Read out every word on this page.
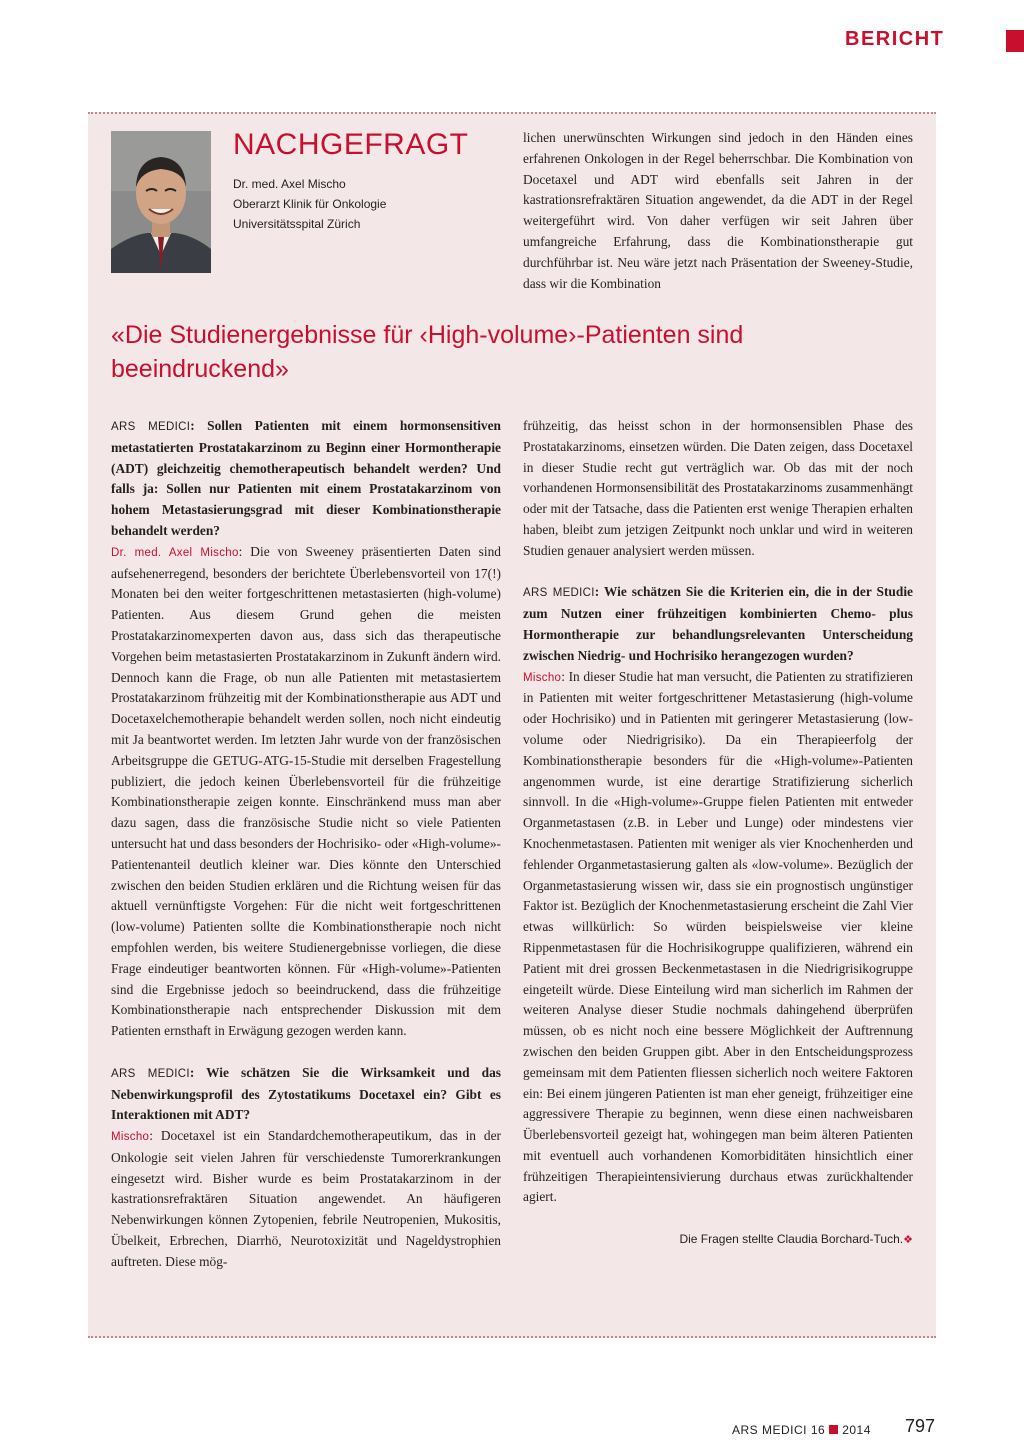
BERICHT
NACHGEFRAGT
Dr. med. Axel Mischo
Oberarzt Klinik für Onkologie
Universitätsspital Zürich

lichen unerwünschten Wirkungen sind jedoch in den Händen eines erfahrenen Onkologen in der Regel beherrschbar. Die Kombination von Docetaxel und ADT wird ebenfalls seit Jahren in der kastrationsrefraktären Situation angewendet, da die ADT in der Regel weitergeführt wird. Von daher verfügen wir seit Jahren über umfangreiche Erfahrung, dass die Kombinationstherapie gut durchführbar ist. Neu wäre jetzt nach Präsentation der Sweeney-Studie, dass wir die Kombination

«Die Studienergebnisse für ‹High-volume›-Patienten sind beeindruckend»

ARS MEDICI: Sollen Patienten mit einem hormonsensitiven metastatierten Prostatakarzinom zu Beginn einer Hormontherapie (ADT) gleichzeitig chemotherapeutisch behandelt werden? Und falls ja: Sollen nur Patienten mit einem Prostatakarzinom von hohem Metastasierungsgrad mit dieser Kombinationstherapie behandelt werden?

Dr. med. Axel Mischo: Die von Sweeney präsentierten Daten sind aufsehenerregend, besonders der berichtete Überlebensvorteil von 17(!) Monaten bei den weiter fortgeschrittenen metastasierten (high-volume) Patienten. Aus diesem Grund gehen die meisten Prostatakarzinomexperten davon aus, dass sich das therapeutische Vorgehen beim metastasierten Prostatakarzinom in Zukunft ändern wird. Dennoch kann die Frage, ob nun alle Patienten mit metastasiertem Prostatakarzinom frühzeitig mit der Kombinationstherapie aus ADT und Docetaxelchemotherapie behandelt werden sollen, noch nicht eindeutig mit Ja beantwortet werden. Im letzten Jahr wurde von der französischen Arbeitsgruppe die GETUG-ATG-15-Studie mit derselben Fragestellung publiziert, die jedoch keinen Überlebensvorteil für die frühzeitige Kombinationstherapie zeigen konnte. Einschränkend muss man aber dazu sagen, dass die französische Studie nicht so viele Patienten untersucht hat und dass besonders der Hochrisiko- oder «High-volume»-Patientenanteil deutlich kleiner war. Dies könnte den Unterschied zwischen den beiden Studien erklären und die Richtung weisen für das aktuell vernünftigste Vorgehen: Für die nicht weit fortgeschrittenen (low-volume) Patienten sollte die Kombinationstherapie noch nicht empfohlen werden, bis weitere Studienergebnisse vorliegen, die diese Frage eindeutiger beantworten können. Für «High-volume»-Patienten sind die Ergebnisse jedoch so beeindruckend, dass die frühzeitige Kombinationstherapie nach entsprechender Diskussion mit dem Patienten ernsthaft in Erwägung gezogen werden kann.

ARS MEDICI: Wie schätzen Sie die Wirksamkeit und das Nebenwirkungsprofil des Zytostatikums Docetaxel ein? Gibt es Interaktionen mit ADT?

Mischo: Docetaxel ist ein Standardchemotherapeutikum, das in der Onkologie seit vielen Jahren für verschiedenste Tumorerkrankungen eingesetzt wird. Bisher wurde es beim Prostatakarzinom in der kastrationsrefraktären Situation angewendet. An häufigeren Nebenwirkungen können Zytopenien, febrile Neutropenien, Mukositis, Übelkeit, Erbrechen, Diarrhö, Neurotoxizität und Nageldystrophien auftreten. Diese mög-

frühzeitig, das heisst schon in der hormonsensiblen Phase des Prostatakarzinoms, einsetzen würden. Die Daten zeigen, dass Docetaxel in dieser Studie recht gut verträglich war. Ob das mit der noch vorhandenen Hormonsensibilität des Prostatakarzinoms zusammenhängt oder mit der Tatsache, dass die Patienten erst wenige Therapien erhalten haben, bleibt zum jetzigen Zeitpunkt noch unklar und wird in weiteren Studien genauer analysiert werden müssen.

ARS MEDICI: Wie schätzen Sie die Kriterien ein, die in der Studie zum Nutzen einer frühzeitigen kombinierten Chemo- plus Hormontherapie zur behandlungsrelevanten Unterscheidung zwischen Niedrig- und Hochrisiko herangezogen wurden?

Mischo: In dieser Studie hat man versucht, die Patienten zu stratifizieren in Patienten mit weiter fortgeschrittener Metastasierung (high-volume oder Hochrisiko) und in Patienten mit geringerer Metastasierung (low-volume oder Niedrigrisiko). Da ein Therapieerfolg der Kombinationstherapie besonders für die «High-volume»-Patienten angenommen wurde, ist eine derartige Stratifizierung sicherlich sinnvoll. In die «High-volume»-Gruppe fielen Patienten mit entweder Organmetastasen (z.B. in Leber und Lunge) oder mindestens vier Knochenmetastasen. Patienten mit weniger als vier Knochenherden und fehlender Organmetastasierung galten als «low-volume». Bezüglich der Organmetastasierung wissen wir, dass sie ein prognostisch ungünstiger Faktor ist. Bezüglich der Knochenmetastasierung erscheint die Zahl Vier etwas willkürlich: So würden beispielsweise vier kleine Rippenmetastasen für die Hochrisikogruppe qualifizieren, während ein Patient mit drei grossen Beckenmetastasen in die Niedrigrisikogruppe eingeteilt würde. Diese Einteilung wird man sicherlich im Rahmen der weiteren Analyse dieser Studie nochmals dahingehend überprüfen müssen, ob es nicht noch eine bessere Möglichkeit der Auftrennung zwischen den beiden Gruppen gibt. Aber in den Entscheidungsprozess gemeinsam mit dem Patienten fliessen sicherlich noch weitere Faktoren ein: Bei einem jüngeren Patienten ist man eher geneigt, frühzeitiger eine aggressivere Therapie zu beginnen, wenn diese einen nachweisbaren Überlebensvorteil gezeigt hat, wohingegen man beim älteren Patienten mit eventuell auch vorhandenen Komorbiditäten hinsichtlich einer frühzeitigen Therapieintensivierung durchaus etwas zurückhaltender agiert.

Die Fragen stellte Claudia Borchard-Tuch.❖

ARS MEDICI 16 2014 797
